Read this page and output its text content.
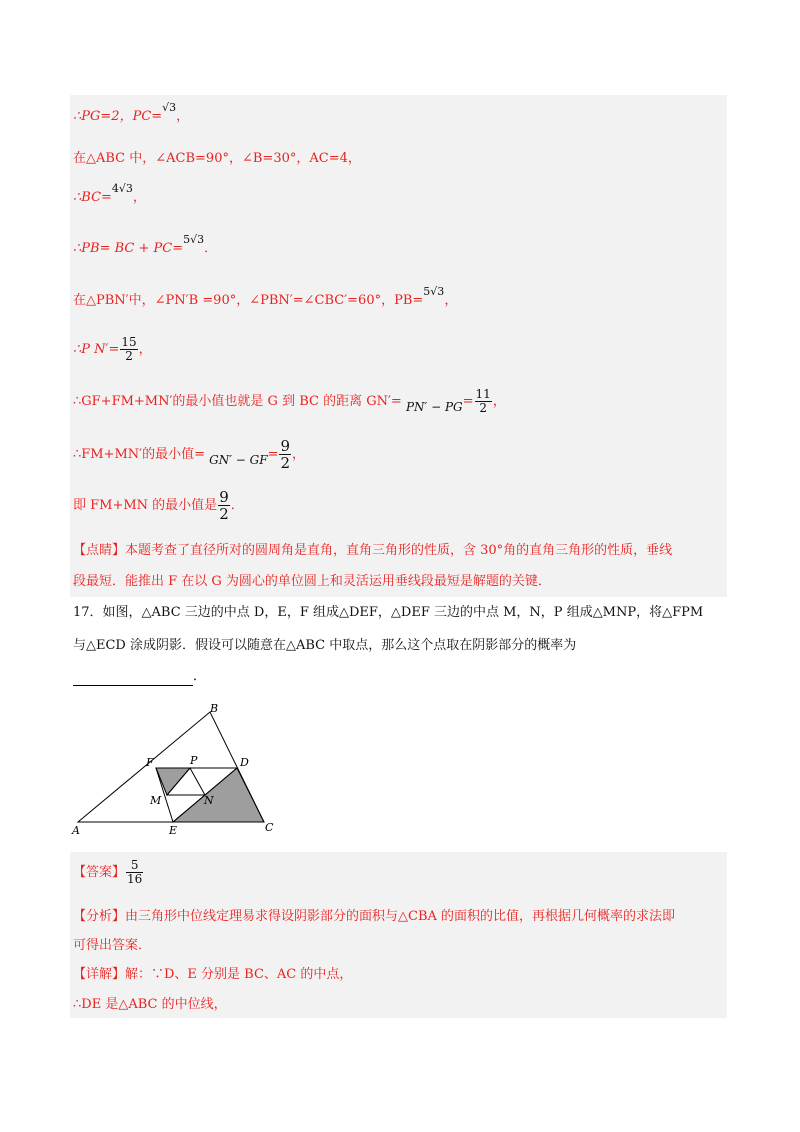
∴PG=2，PC=$^{√3}$，
在△ABC 中，∠ACB=90°，∠B=30°，AC=4，
∴BC=$^{4√3}$，
∴PB= BC + PC=$^{5√3}$．
在△PBN′中，∠PN′B =90°，∠PBN′=∠CBC′=60°，PB=$^{5√3}$，
∴P $N'= \frac{15}{2}$ ，
∴GF+FM+MN′的最小值也就是 G 到 BC 的距离 $GN'= PN' - PG= \frac{11}{2}$ ，
∴FM+MN′的最小值= $GN' - GF= \frac{9}{2}$ ，
即 FM+MN 的最小值是 $\frac{9}{2}$ ．
【点睛】本题考查了直径所对的圆周角是直角，直角三角形的性质，含 30°角的直角三角形的性质，垂线
段最短．能推出 F 在以 G 为圆心的单位圆上和灵活运用垂线段最短是解题的关键．
17．如图，△ABC 三边的中点 D，E，F 组成△DEF，△DEF 三边的中点 M，N，P 组成△MNP，将△FPM
与△ECD 涂成阴影．假设可以随意在△ABC 中取点，那么这个点取在阴影部分的概率为
．
A
B
C
D
E
F
M	N
P
【答案】 $\frac{5}{16}$
【分析】由三角形中位线定理易求得设阴影部分的面积与△CBA 的面积的比值，再根据几何概率的求法即
可得出答案．
【详解】解：∵D、E 分别是 BC、AC 的中点，
∴DE 是△ABC 的中位线，
